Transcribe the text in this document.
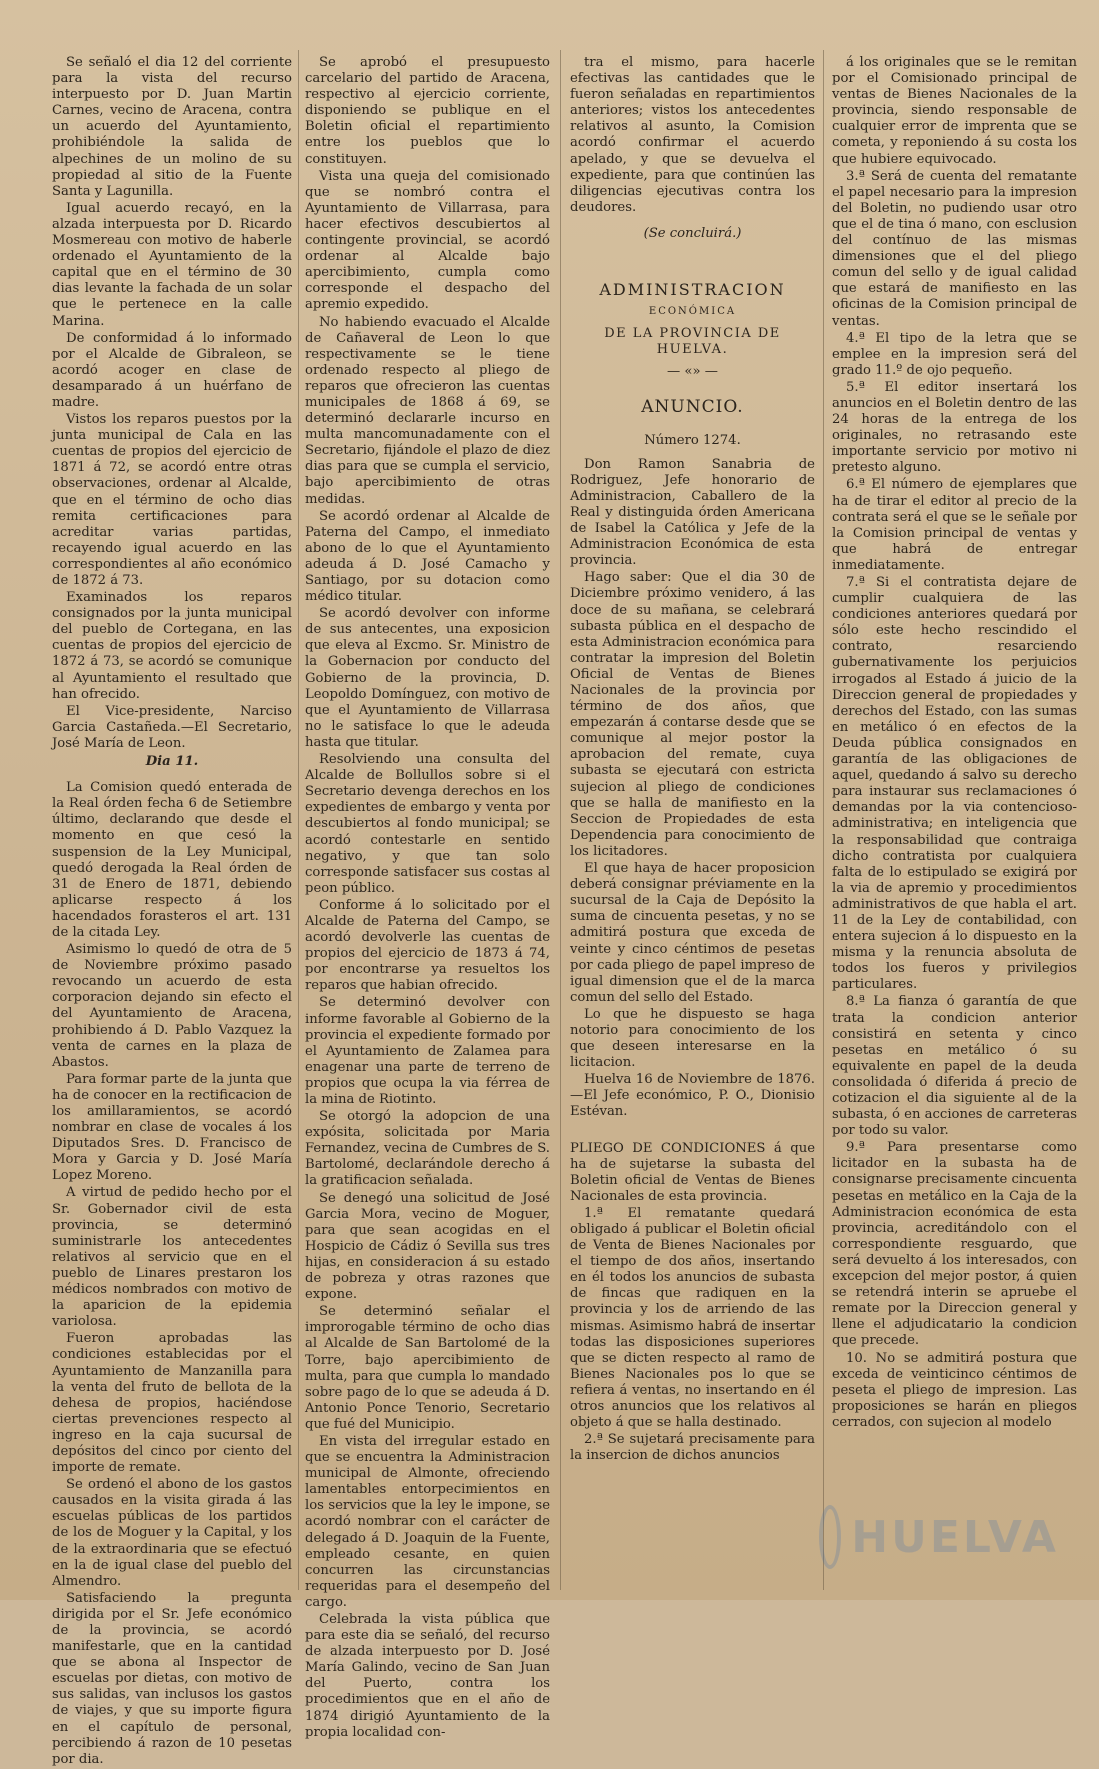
Se señaló el dia 12 del corriente para la vista del recurso interpuesto por D. Juan Martin Carnes, vecino de Aracena, contra un acuerdo del Ayuntamiento, prohibiéndole la salida de alpechines de un molino de su propiedad al sitio de la Fuente Santa y Lagunilla.

Igual acuerdo recayó, en la alzada interpuesta por D. Ricardo Mosmereau con motivo de haberle ordenado el Ayuntamiento de la capital que en el término de 30 dias levante la fachada de un solar que le pertenece en la calle Marina.

De conformidad á lo informado por el Alcalde de Gibraleon, se acordó acoger en clase de desamparado á un huérfano de madre.

Vistos los reparos puestos por la junta municipal de Cala en las cuentas de propios del ejercicio de 1871 á 72, se acordó entre otras observaciones, ordenar al Alcalde, que en el término de ocho dias remita certificaciones para acreditar varias partidas, recayendo igual acuerdo en las correspondientes al año económico de 1872 á 73.

Examinados los reparos consignados por la junta municipal del pueblo de Cortegana, en las cuentas de propios del ejercicio de 1872 á 73, se acordó se comunique al Ayuntamiento el resultado que han ofrecido.

El Vice-presidente, Narciso Garcia Castañeda.—El Secretario, José María de Leon.

Dia 11.

La Comision quedó enterada de la Real órden fecha 6 de Setiembre último, declarando que desde el momento en que cesó la suspension de la Ley Municipal, quedó derogada la Real órden de 31 de Enero de 1871, debiendo aplicarse respecto á los hacendados forasteros el art. 131 de la citada Ley.

Asimismo lo quedó de otra de 5 de Noviembre próximo pasado revocando un acuerdo de esta corporacion dejando sin efecto el del Ayuntamiento de Aracena, prohibiendo á D. Pablo Vazquez la venta de carnes en la plaza de Abastos.

Para formar parte de la junta que ha de conocer en la rectificacion de los amillaramientos, se acordó nombrar en clase de vocales á los Diputados Sres. D. Francisco de Mora y Garcia y D. José María Lopez Moreno.

A virtud de pedido hecho por el Sr. Gobernador civil de esta provincia, se determinó suministrarle los antecedentes relativos al servicio que en el pueblo de Linares prestaron los médicos nombrados con motivo de la aparicion de la epidemia variolosa.

Fueron aprobadas las condiciones establecidas por el Ayuntamiento de Manzanilla para la venta del fruto de bellota de la dehesa de propios, haciéndose ciertas prevenciones respecto al ingreso en la caja sucursal de depósitos del cinco por ciento del importe de remate.

Se ordenó el abono de los gastos causados en la visita girada á las escuelas públicas de los partidos de los de Moguer y la Capital, y los de la extraordinaria que se efectuó en la de igual clase del pueblo del Almendro.

Satisfaciendo la pregunta dirigida por el Sr. Jefe económico de la provincia, se acordó manifestarle, que en la cantidad que se abona al Inspector de escuelas por dietas, con motivo de sus salidas, van inclusos los gastos de viajes, y que su importe figura en el capítulo de personal, percibiendo á razon de 10 pesetas por dia.

Se aprobó el presupuesto carcelario del partido de Aracena, respectivo al ejercicio corriente, disponiendo se publique en el Boletin oficial el repartimiento entre los pueblos que lo constituyen.

Vista una queja del comisionado que se nombró contra el Ayuntamiento de Villarrasa, para hacer efectivos descubiertos al contingente provincial, se acordó ordenar al Alcalde bajo apercibimiento, cumpla como corresponde el despacho del apremio expedido.

No habiendo evacuado el Alcalde de Cañaveral de Leon lo que respectivamente se le tiene ordenado respecto al pliego de reparos que ofrecieron las cuentas municipales de 1868 á 69, se determinó declararle incurso en multa mancomunadamente con el Secretario, fijándole el plazo de diez dias para que se cumpla el servicio, bajo apercibimiento de otras medidas.

Se acordó ordenar al Alcalde de Paterna del Campo, el inmediato abono de lo que el Ayuntamiento adeuda á D. José Camacho y Santiago, por su dotacion como médico titular.

Se acordó devolver con informe de sus antecentes, una exposicion que eleva al Excmo. Sr. Ministro de la Gobernacion por conducto del Gobierno de la provincia, D. Leopoldo Domínguez, con motivo de que el Ayuntamiento de Villarrasa no le satisface lo que le adeuda hasta que titular.

Resolviendo una consulta del Alcalde de Bollullos sobre si el Secretario devenga derechos en los expedientes de embargo y venta por descubiertos al fondo municipal; se acordó contestarle en sentido negativo, y que tan solo corresponde satisfacer sus costas al peon público.

Conforme á lo solicitado por el Alcalde de Paterna del Campo, se acordó devolverle las cuentas de propios del ejercicio de 1873 á 74, por encontrarse ya resueltos los reparos que habian ofrecido.

Se determinó devolver con informe favorable al Gobierno de la provincia el expediente formado por el Ayuntamiento de Zalamea para enagenar una parte de terreno de propios que ocupa la via férrea de la mina de Riotinto.

Se otorgó la adopcion de una expósita, solicitada por Maria Fernandez, vecina de Cumbres de S. Bartolomé, declarándole derecho á la gratificacion señalada.

Se denegó una solicitud de José Garcia Mora, vecino de Moguer, para que sean acogidas en el Hospicio de Cádiz ó Sevilla sus tres hijas, en consideracion á su estado de pobreza y otras razones que expone.

Se determinó señalar el improrogable término de ocho dias al Alcalde de San Bartolomé de la Torre, bajo apercibimiento de multa, para que cumpla lo mandado sobre pago de lo que se adeuda á D. Antonio Ponce Tenorio, Secretario que fué del Municipio.

En vista del irregular estado en que se encuentra la Administracion municipal de Almonte, ofreciendo lamentables entorpecimientos en los servicios que la ley le impone, se acordó nombrar con el carácter de delegado á D. Joaquin de la Fuente, empleado cesante, en quien concurren las circunstancias requeridas para el desempeño del cargo.

Celebrada la vista pública que para este dia se señaló, del recurso de alzada interpuesto por D. José María Galindo, vecino de San Juan del Puerto, contra los procedimientos que en el año de 1874 dirigió Ayuntamiento de la propia localidad con-

tra el mismo, para hacerle efectivas las cantidades que le fueron señaladas en repartimientos anteriores; vistos los antecedentes relativos al asunto, la Comision acordó confirmar el acuerdo apelado, y que se devuelva el expediente, para que continúen las diligencias ejecutivas contra los deudores.

(Se concluirá.)

ADMINISTRACION

ECONÓMICA

DE LA PROVINCIA DE HUELVA.

— «» —

ANUNCIO.

Número 1274.

Don Ramon Sanabria de Rodriguez, Jefe honorario de Administracion, Caballero de la Real y distinguida órden Americana de Isabel la Católica y Jefe de la Administracion Económica de esta provincia.

Hago saber: Que el dia 30 de Diciembre próximo venidero, á las doce de su mañana, se celebrará subasta pública en el despacho de esta Administracion económica para contratar la impresion del Boletin Oficial de Ventas de Bienes Nacionales de la provincia por término de dos años, que empezarán á contarse desde que se comunique al mejor postor la aprobacion del remate, cuya subasta se ejecutará con estricta sujecion al pliego de condiciones que se halla de manifiesto en la Seccion de Propiedades de esta Dependencia para conocimiento de los licitadores.

El que haya de hacer proposicion deberá consignar préviamente en la sucursal de la Caja de Depósito la suma de cincuenta pesetas, y no se admitirá postura que exceda de veinte y cinco céntimos de pesetas por cada pliego de papel impreso de igual dimension que el de la marca comun del sello del Estado.

Lo que he dispuesto se haga notorio para conocimiento de los que deseen interesarse en la licitacion.

Huelva 16 de Noviembre de 1876. —El Jefe económico, P. O., Dionisio Estévan.

PLIEGO DE CONDICIONES á que ha de sujetarse la subasta del Boletin oficial de Ventas de Bienes Nacionales de esta provincia.

1.ª El rematante quedará obligado á publicar el Boletin oficial de Venta de Bienes Nacionales por el tiempo de dos años, insertando en él todos los anuncios de subasta de fincas que radiquen en la provincia y los de arriendo de las mismas. Asimismo habrá de insertar todas las disposiciones superiores que se dicten respecto al ramo de Bienes Nacionales pos lo que se refiera á ventas, no insertando en él otros anuncios que los relativos al objeto á que se halla destinado.

2.ª Se sujetará precisamente para la insercion de dichos anuncios

á los originales que se le remitan por el Comisionado principal de ventas de Bienes Nacionales de la provincia, siendo responsable de cualquier error de imprenta que se cometa, y reponiendo á su costa los que hubiere equivocado.

3.ª Será de cuenta del rematante el papel necesario para la impresion del Boletin, no pudiendo usar otro que el de tina ó mano, con esclusion del contínuo de las mismas dimensiones que el del pliego comun del sello y de igual calidad que estará de manifiesto en las oficinas de la Comision principal de ventas.

4.ª El tipo de la letra que se emplee en la impresion será del grado 11.º de ojo pequeño.

5.ª El editor insertará los anuncios en el Boletin dentro de las 24 horas de la entrega de los originales, no retrasando este importante servicio por motivo ni pretesto alguno.

6.ª El número de ejemplares que ha de tirar el editor al precio de la contrata será el que se le señale por la Comision principal de ventas y que habrá de entregar inmediatamente.

7.ª Si el contratista dejare de cumplir cualquiera de las condiciones anteriores quedará por sólo este hecho rescindido el contrato, resarciendo gubernativamente los perjuicios irrogados al Estado á juicio de la Direccion general de propiedades y derechos del Estado, con las sumas en metálico ó en efectos de la Deuda pública consignados en garantía de las obligaciones de aquel, quedando á salvo su derecho para instaurar sus reclamaciones ó demandas por la via contencioso-administrativa; en inteligencia que la responsabilidad que contraiga dicho contratista por cualquiera falta de lo estipulado se exigirá por la via de apremio y procedimientos administrativos de que habla el art. 11 de la Ley de contabilidad, con entera sujecion á lo dispuesto en la misma y la renuncia absoluta de todos los fueros y privilegios particulares.

8.ª La fianza ó garantía de que trata la condicion anterior consistirá en setenta y cinco pesetas en metálico ó su equivalente en papel de la deuda consolidada ó diferida á precio de cotizacion el dia siguiente al de la subasta, ó en acciones de carreteras por todo su valor.

9.ª Para presentarse como licitador en la subasta ha de consignarse precisamente cincuenta pesetas en metálico en la Caja de la Administracion económica de esta provincia, acreditándolo con el correspondiente resguardo, que será devuelto á los interesados, con excepcion del mejor postor, á quien se retendrá interin se apruebe el remate por la Direccion general y llene el adjudicatario la condicion que precede.

10. No se admitirá postura que exceda de veinticinco céntimos de peseta el pliego de impresion. Las proposiciones se harán en pliegos cerrados, con sujecion al modelo

HUELVA
